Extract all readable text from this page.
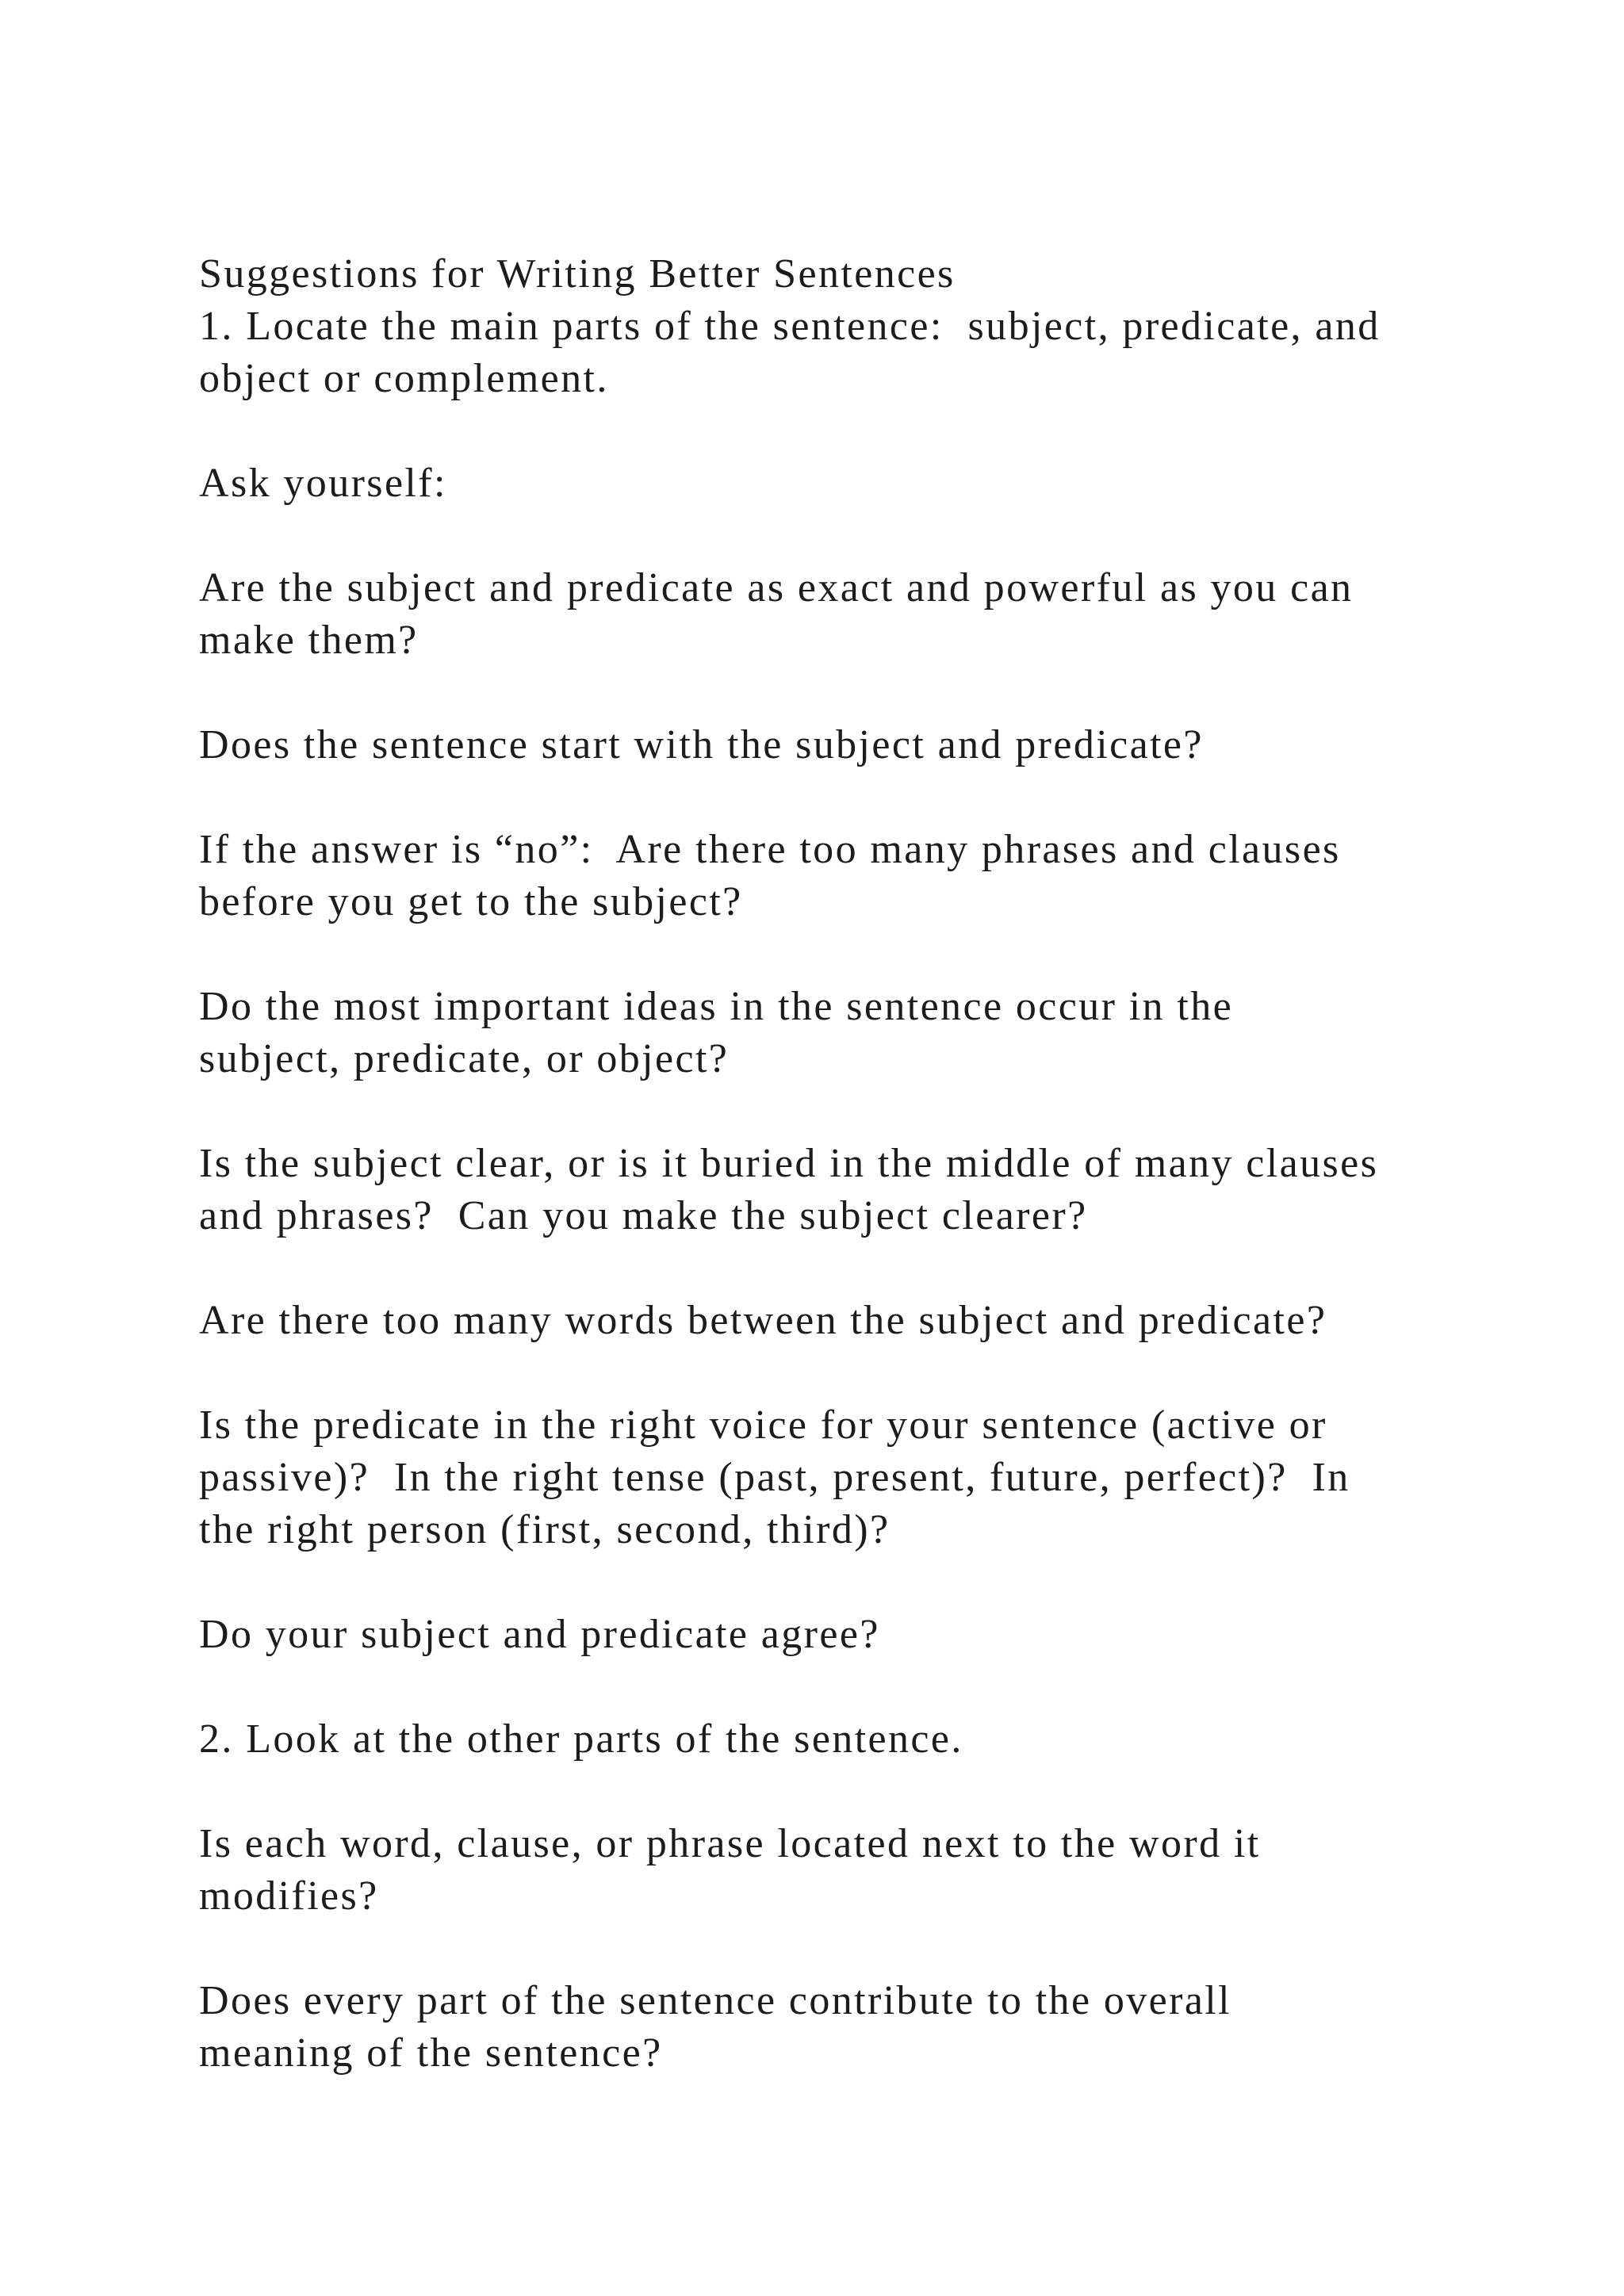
Suggestions for Writing Better Sentences

1. Locate the main parts of the sentence:  subject, predicate, and

object or complement.

Ask yourself:

Are the subject and predicate as exact and powerful as you can

make them?

Does the sentence start with the subject and predicate?

If the answer is “no”:  Are there too many phrases and clauses

before you get to the subject?

Do the most important ideas in the sentence occur in the

subject, predicate, or object?

Is the subject clear, or is it buried in the middle of many clauses

and phrases?  Can you make the subject clearer?

Are there too many words between the subject and predicate?

Is the predicate in the right voice for your sentence (active or

passive)?  In the right tense (past, present, future, perfect)?  In

the right person (first, second, third)?

Do your subject and predicate agree?

2. Look at the other parts of the sentence.

Is each word, clause, or phrase located next to the word it

modifies?

Does every part of the sentence contribute to the overall

meaning of the sentence?
